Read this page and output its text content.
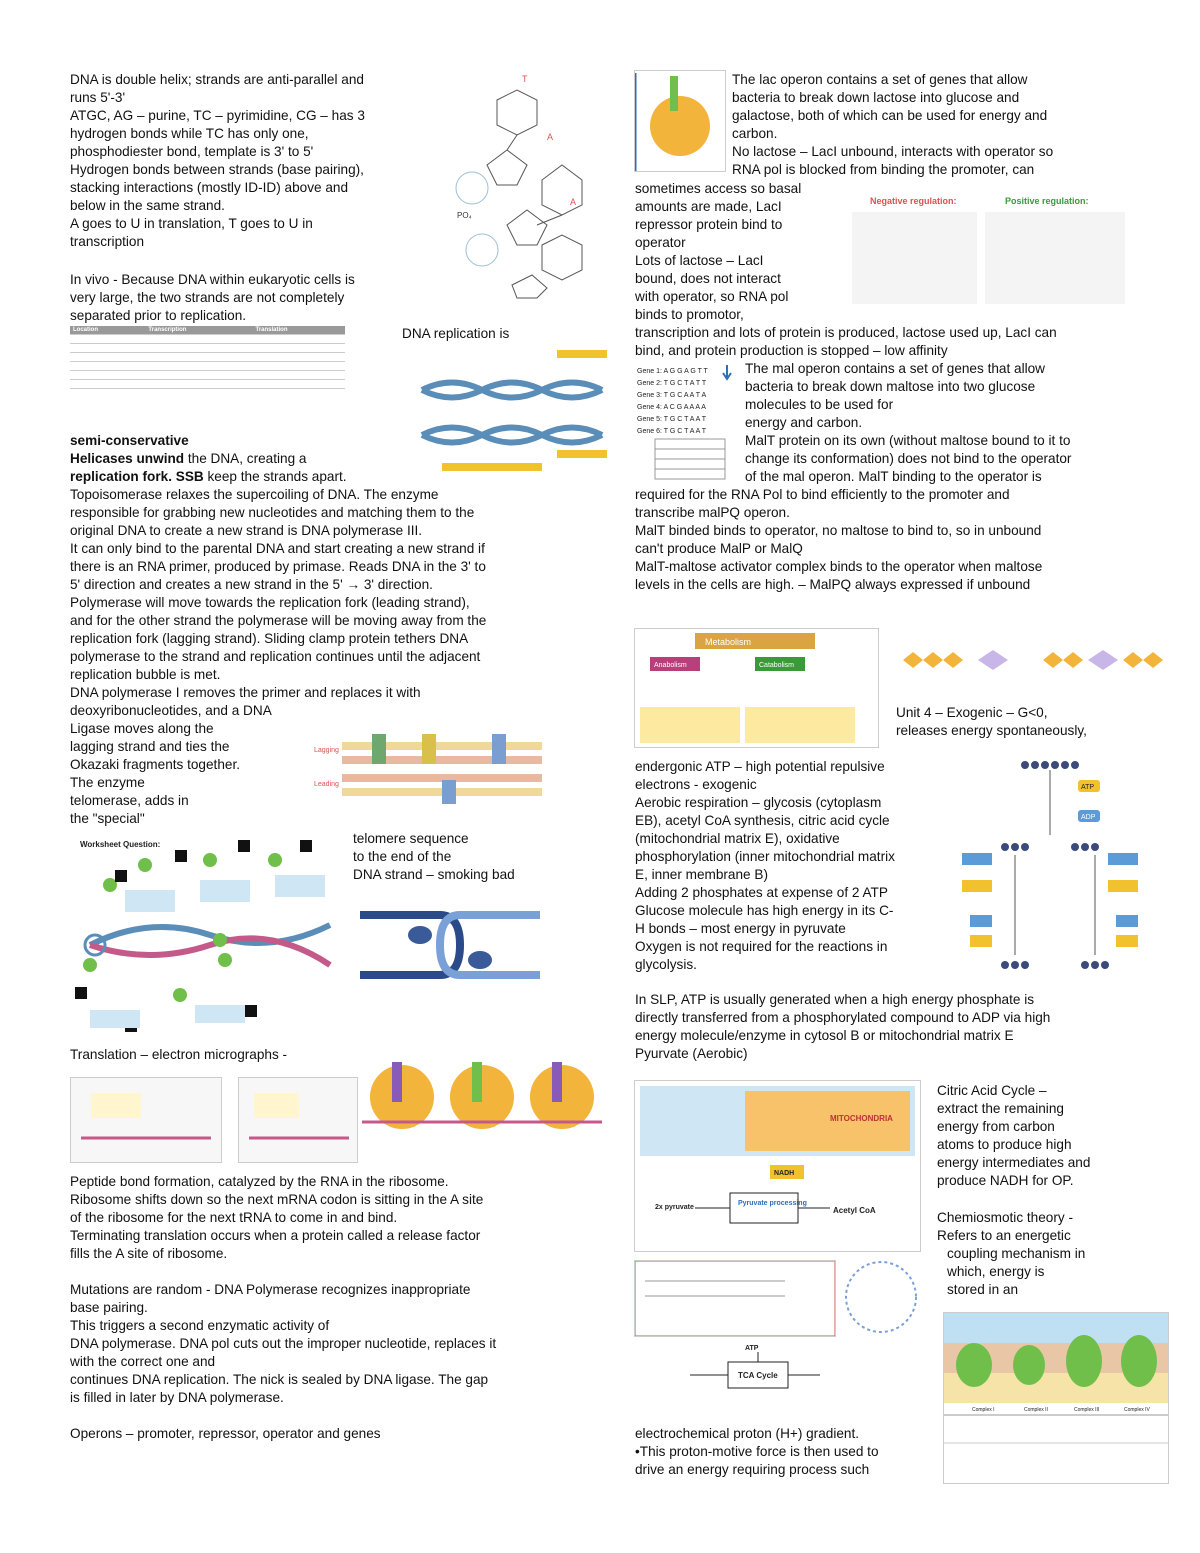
DNA is double helix; strands are anti-parallel and

runs 5'-3'

ATGC, AG – purine, TC – pyrimidine, CG – has 3

hydrogen bonds while TC has only one,

phosphodiester bond, template is 3' to 5'

Hydrogen bonds between strands (base pairing),

stacking interactions (mostly ID-ID) above and

below in the same strand.

A goes to U in translation, T goes to U in

transcription

T
A
A
PO₄

In vivo - Because DNA within eukaryotic cells is

very large, the two strands are not completely

separated prior to replication.

Location	Transcription	Translation

			DNA replication is

semi-conservative

Helicases unwind the DNA, creating a

replication fork. SSB keep the strands apart.

Topoisomerase relaxes the supercoiling of DNA. The enzyme

responsible for grabbing new nucleotides and matching them to the

original DNA to create a new strand is DNA polymerase III.

It can only bind to the parental DNA and start creating a new strand if

there is an RNA primer, produced by primase. Reads DNA in the 3' to

5' direction and creates a new strand in the 5' → 3' direction.

Polymerase will move towards the replication fork (leading strand),

and for the other strand the polymerase will be moving away from the

replication fork (lagging strand). Sliding clamp protein tethers DNA

polymerase to the strand and replication continues until the adjacent

replication bubble is met.

DNA polymerase I removes the primer and replaces it with

deoxyribonucleotides, and a DNA

Ligase moves along the

lagging strand and ties the

Okazaki fragments together.

The enzyme

telomerase, adds in

the "special"

Lagging
Leading
Worksheet Question:	telomere sequence

to the end of the

DNA strand – smoking bad

Translation – electron micrographs -

Peptide bond formation, catalyzed by the RNA in the ribosome.

Ribosome shifts down so the next mRNA codon is sitting in the A site

of the ribosome for the next tRNA to come in and bind.

Terminating translation occurs when a protein called a release factor

fills the A site of ribosome.

Mutations are random - DNA Polymerase recognizes inappropriate

base pairing.

This triggers a second enzymatic activity of

DNA polymerase. DNA pol cuts out the improper nucleotide, replaces it

with the correct one and

continues DNA replication. The nick is sealed by DNA ligase. The gap

is filled in later by DNA polymerase.

Operons – promoter, repressor, operator and genes

The lac operon contains a set of genes that allow

bacteria to break down lactose into glucose and

galactose, both of which can be used for energy and

carbon.

No lactose – LacI unbound, interacts with operator so

RNA pol is blocked from binding the promoter, can

sometimes access so basal

amounts are made, LacI

repressor protein bind to

operator

Lots of lactose – LacI

bound, does not interact

with operator, so RNA pol

binds to promotor,

Negative regulation:	Positive regulation:

transcription and lots of protein is produced, lactose used up, LacI can

bind, and protein production is stopped – low affinity

Gene 1: A G G A G T T
Gene 2: T G C T A T T
Gene 3: T G C A A T A
Gene 4: A C G A A A A
Gene 5: T G C T A A T
Gene 6: T G C T A A T

The mal operon contains a set of genes that allow

bacteria to break down maltose into two glucose

molecules to be used for

energy and carbon.

MalT protein on its own (without maltose bound to it to

change its conformation) does not bind to the operator

of the mal operon. MalT binding to the operator is

required for the RNA Pol to bind efficiently to the promoter and

transcribe malPQ operon.

MalT binded binds to operator, no maltose to bind to, so in unbound

can't produce MalP or MalQ

MalT-maltose activator complex binds to the operator when maltose

levels in the cells are high. – MalPQ always expressed if unbound

Metabolism
Anabolism	Catabolism

Unit 4 – Exogenic – G<0,

releases energy spontaneously,

endergonic ATP – high potential repulsive

electrons - exogenic

Aerobic respiration – glycosis (cytoplasm

EB), acetyl CoA synthesis, citric acid cycle

(mitochondrial matrix E), oxidative

phosphorylation (inner mitochondrial matrix

E, inner membrane B)

Adding 2 phosphates at expense of 2 ATP

Glucose molecule has high energy in its C-

H bonds – most energy in pyruvate

Oxygen is not required for the reactions in

glycolysis.

ATP
ADP

In SLP, ATP is usually generated when a high energy phosphate is

directly transferred from a phosphorylated compound to ADP via high

energy molecule/enzyme in cytosol B or mitochondrial matrix E

Pyurvate (Aerobic)

MITOCHONDRIA
NADH
Pyruvate processing
Acetyl CoA
2x pyruvate
ATP
TCA Cycle

Citric Acid Cycle –

extract the remaining

energy from carbon

atoms to produce high

energy intermediates and

produce NADH for OP.

Chemiosmotic theory -

Refers to an energetic

coupling mechanism in

which, energy is

stored in an

Complex I	Complex II	Complex III	Complex IV

electrochemical proton (H+) gradient.

•This proton-motive force is then used to

drive an energy requiring process such
